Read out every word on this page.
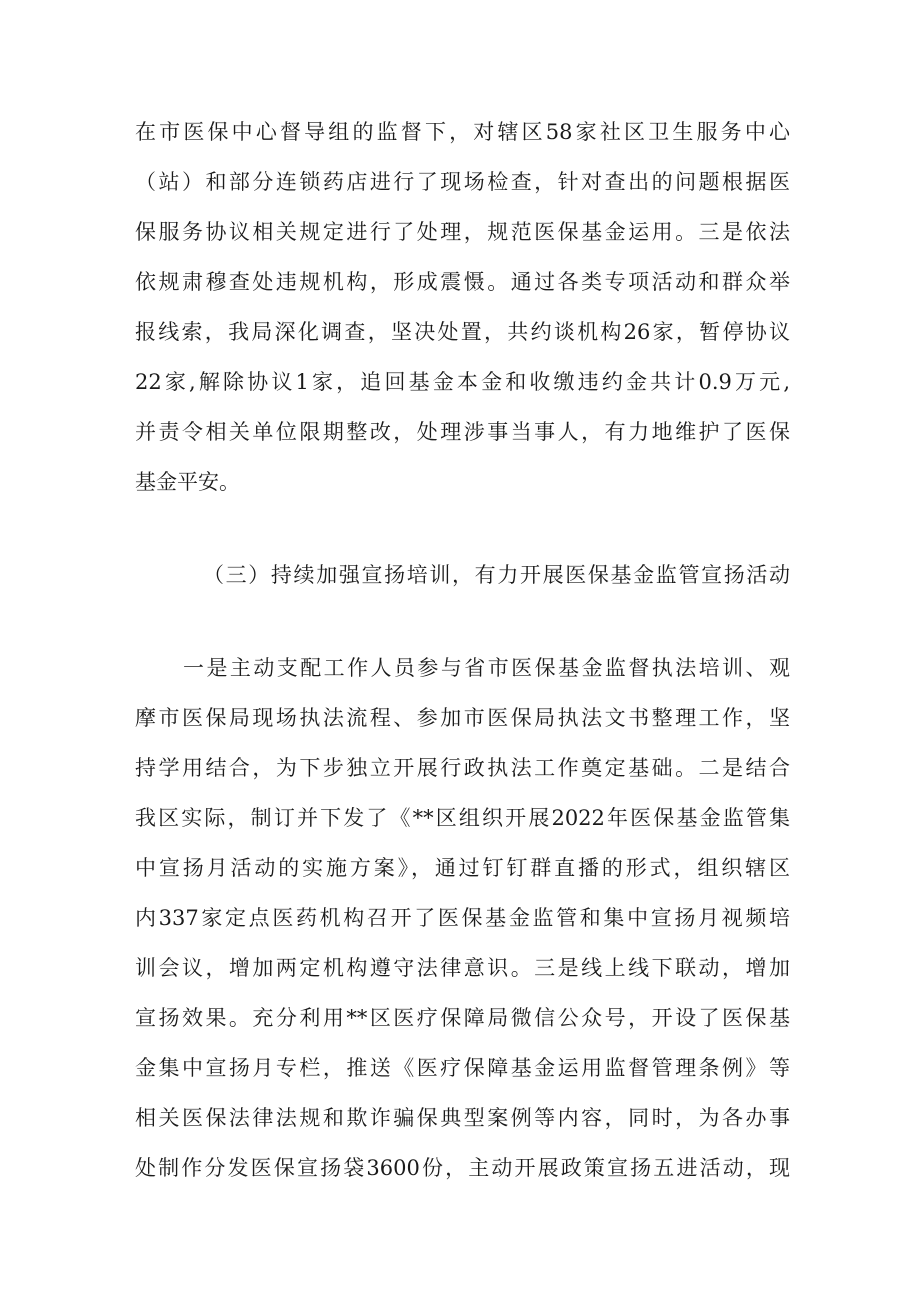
在市医保中心督导组的监督下，对辖区58家社区卫生服务中心
（站）和部分连锁药店进行了现场检查，针对查出的问题根据医
保服务协议相关规定进行了处理，规范医保基金运用。三是依法
依规肃穆查处违规机构，形成震慑。通过各类专项活动和群众举
报线索，我局深化调查，坚决处置，共约谈机构26家，暂停协议
22家,解除协议1家，追回基金本金和收缴违约金共计0.9万元,
并责令相关单位限期整改，处理涉事当事人，有力地维护了医保
基金平安。
（三）持续加强宣扬培训，有力开展医保基金监管宣扬活动
一是主动支配工作人员参与省市医保基金监督执法培训、观
摩市医保局现场执法流程、参加市医保局执法文书整理工作，坚
持学用结合，为下步独立开展行政执法工作奠定基础。二是结合
我区实际，制订并下发了《**区组织开展2022年医保基金监管集
中宣扬月活动的实施方案》，通过钉钉群直播的形式，组织辖区
内337家定点医药机构召开了医保基金监管和集中宣扬月视频培
训会议，增加两定机构遵守法律意识。三是线上线下联动，增加
宣扬效果。充分利用**区医疗保障局微信公众号，开设了医保基
金集中宣扬月专栏，推送《医疗保障基金运用监督管理条例》等
相关医保法律法规和欺诈骗保典型案例等内容，同时，为各办事
处制作分发医保宣扬袋3600份，主动开展政策宣扬五进活动，现
